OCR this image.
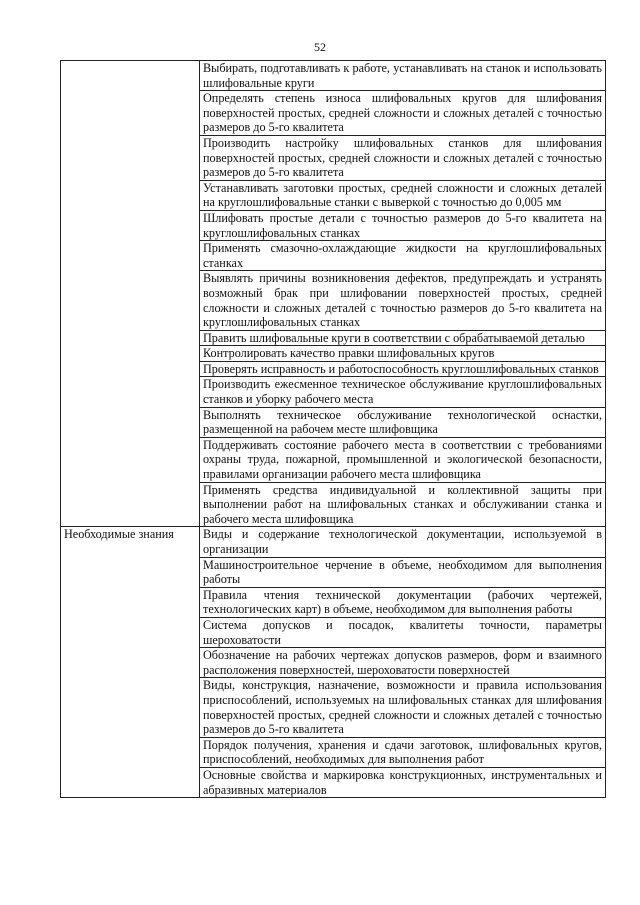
52
	Выбирать, подготавливать к работе, устанавливать на станок и использовать шлифовальные круги
	Определять степень износа шлифовальных кругов для шлифования поверхностей простых, средней сложности и сложных деталей с точностью размеров до 5-го квалитета
	Производить настройку шлифовальных станков для шлифования поверхностей простых, средней сложности и сложных деталей с точностью размеров до 5-го квалитета
	Устанавливать заготовки простых, средней сложности и сложных деталей на круглошлифовальные станки с выверкой с точностью до 0,005 мм
	Шлифовать простые детали с точностью размеров до 5-го квалитета на круглошлифовальных станках
	Применять смазочно-охлаждающие жидкости на круглошлифовальных станках
	Выявлять причины возникновения дефектов, предупреждать и устранять возможный брак при шлифовании поверхностей простых, средней сложности и сложных деталей с точностью размеров до 5-го квалитета на круглошлифовальных станках
	Править шлифовальные круги в соответствии с обрабатываемой деталью
	Контролировать качество правки шлифовальных кругов
	Проверять исправность и работоспособность круглошлифовальных станков
	Производить ежесменное техническое обслуживание круглошлифовальных станков и уборку рабочего места
	Выполнять техническое обслуживание технологической оснастки, размещенной на рабочем месте шлифовщика
	Поддерживать состояние рабочего места в соответствии с требованиями охраны труда, пожарной, промышленной и экологической безопасности, правилами организации рабочего места шлифовщика
	Применять средства индивидуальной и коллективной защиты при выполнении работ на шлифовальных станках и обслуживании станка и рабочего места шлифовщика

Необходимые знания	Виды и содержание технологической документации, используемой в организации
	Машиностроительное черчение в объеме, необходимом для выполнения работы
	Правила чтения технической документации (рабочих чертежей, технологических карт) в объеме, необходимом для выполнения работы
	Система допусков и посадок, квалитеты точности, параметры шероховатости
	Обозначение на рабочих чертежах допусков размеров, форм и взаимного расположения поверхностей, шероховатости поверхностей
	Виды, конструкция, назначение, возможности и правила использования приспособлений, используемых на шлифовальных станках для шлифования поверхностей простых, средней сложности и сложных деталей с точностью размеров до 5-го квалитета
	Порядок получения, хранения и сдачи заготовок, шлифовальных кругов, приспособлений, необходимых для выполнения работ
	Основные свойства и маркировка конструкционных, инструментальных и абразивных материалов
